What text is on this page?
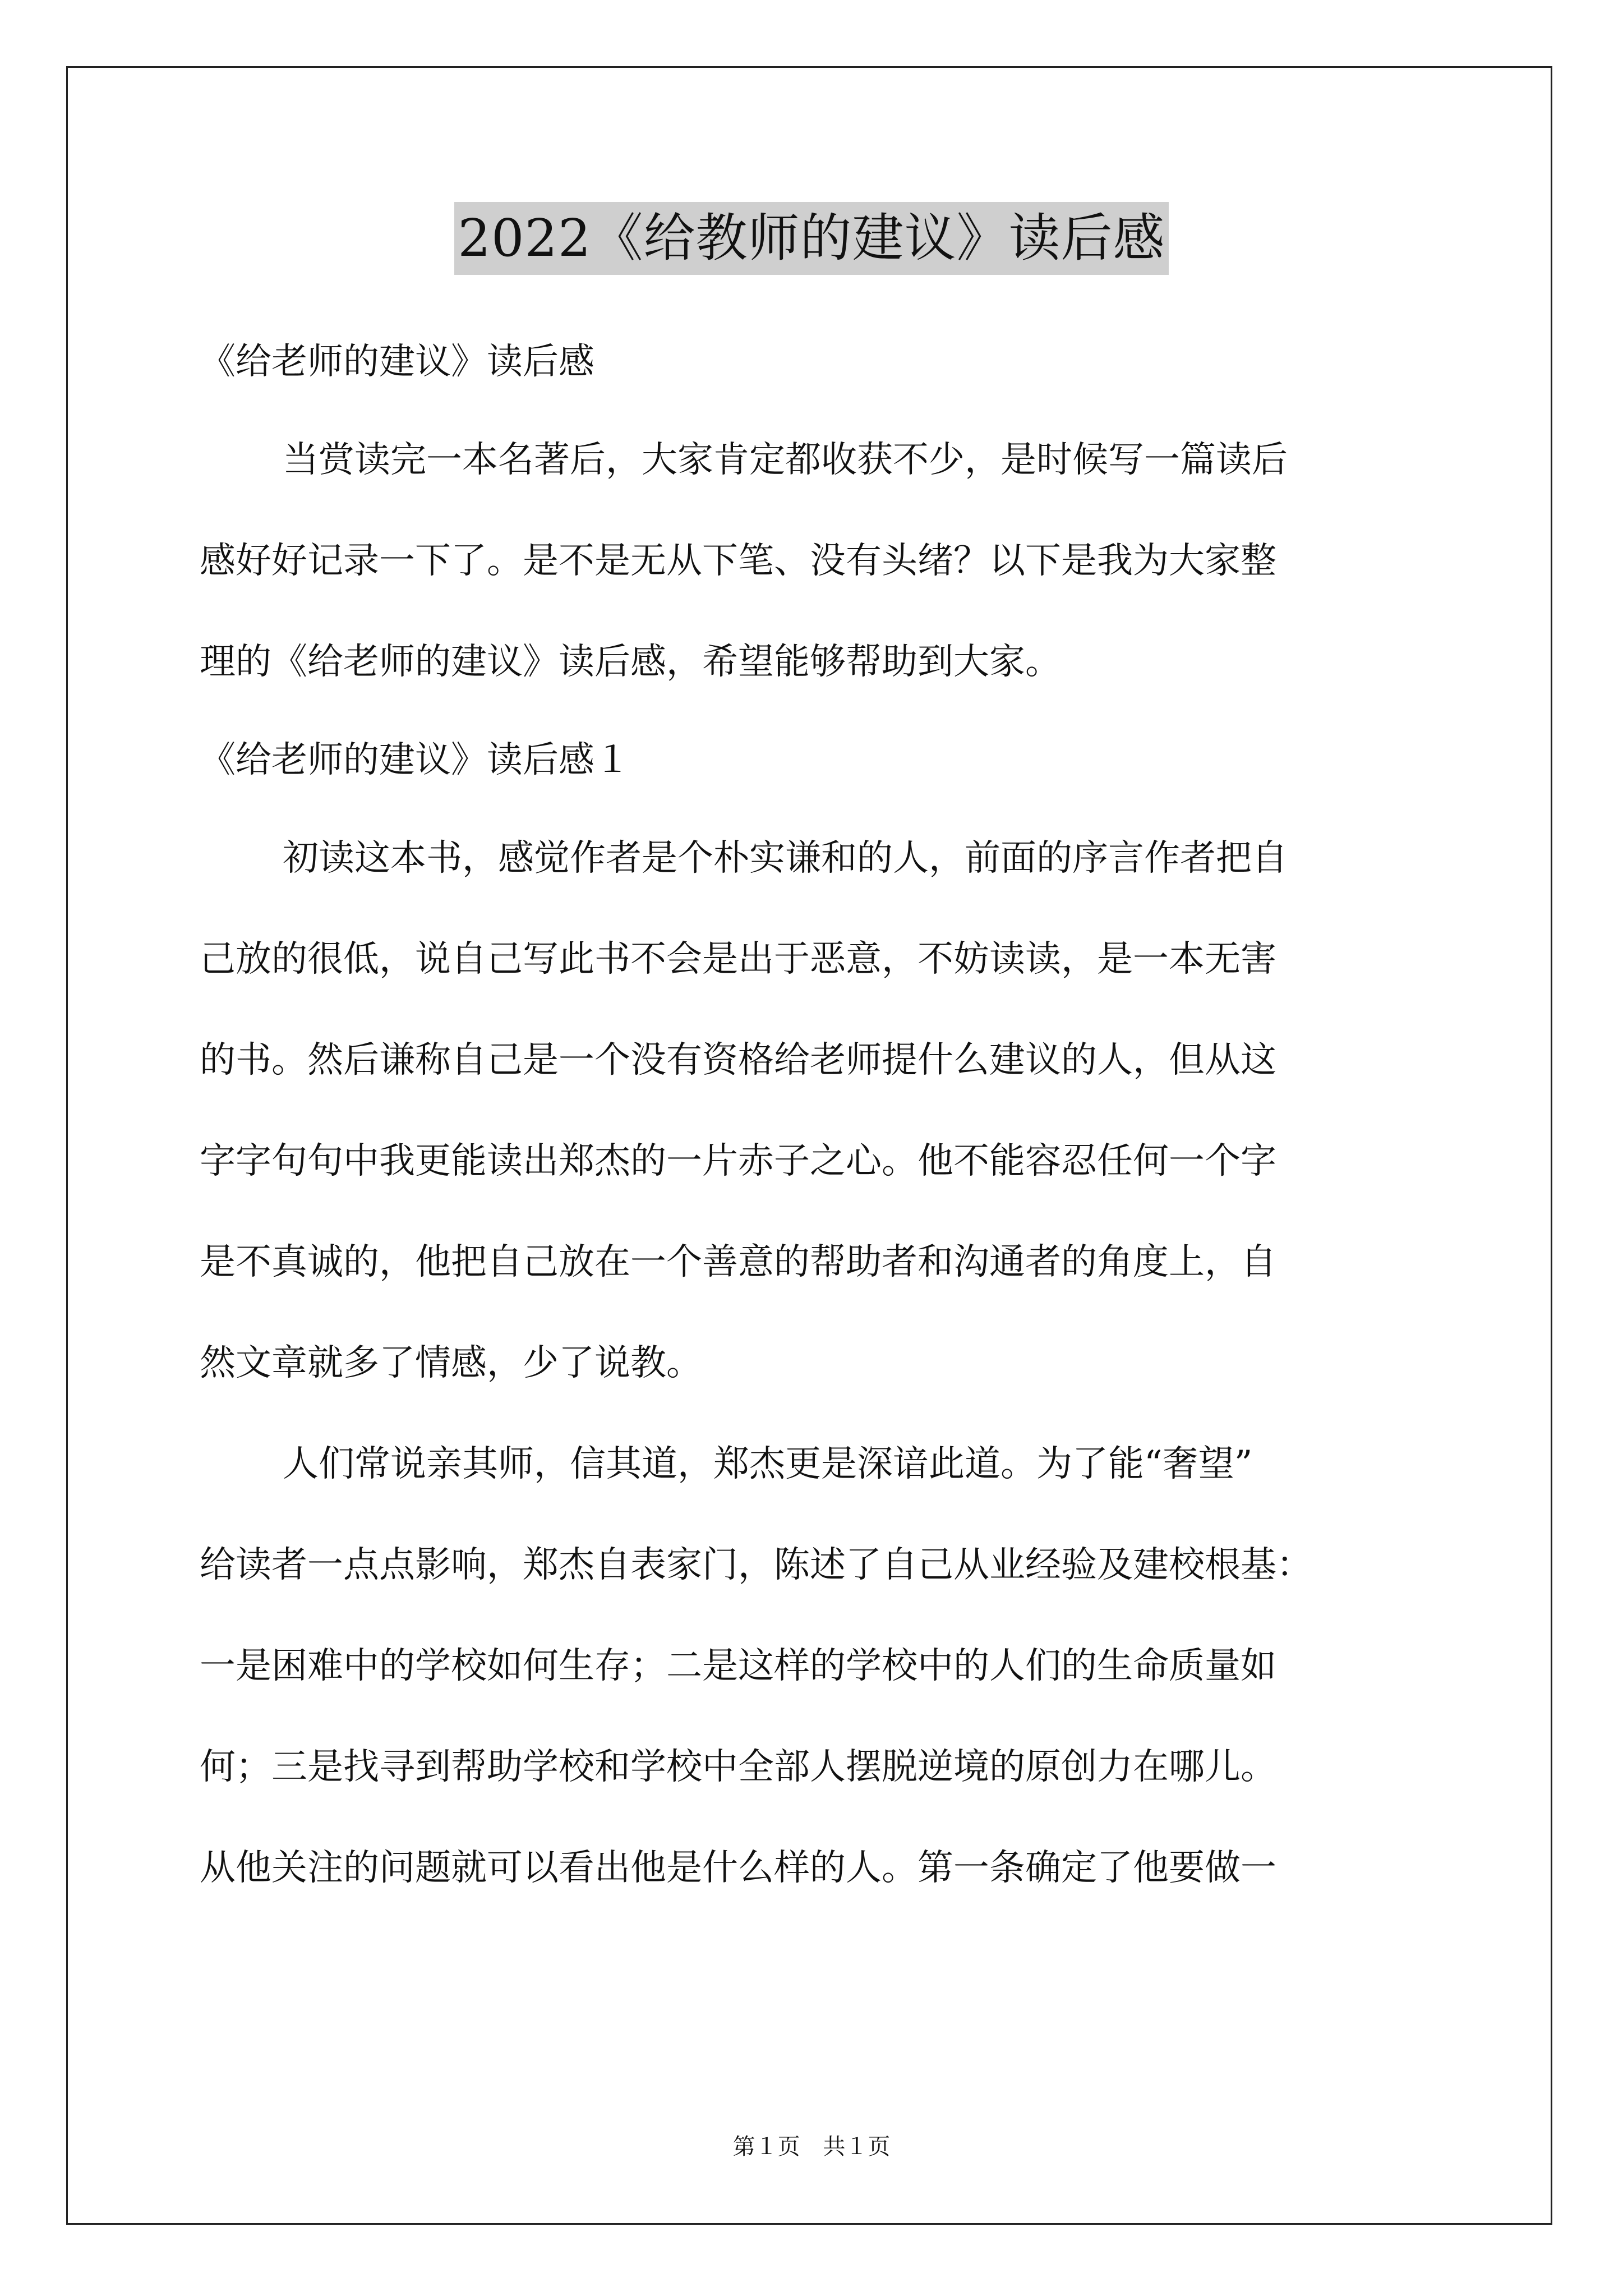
2022《给教师的建议》读后感
《给老师的建议》读后感
当赏读完一本名著后，大家肯定都收获不少，是时候写一篇读后
感好好记录一下了。是不是无从下笔、没有头绪？以下是我为大家整
理的《给老师的建议》读后感，希望能够帮助到大家。
《给老师的建议》读后感１
初读这本书，感觉作者是个朴实谦和的人，前面的序言作者把自
己放的很低，说自己写此书不会是出于恶意，不妨读读，是一本无害
的书。然后谦称自己是一个没有资格给老师提什么建议的人，但从这
字字句句中我更能读出郑杰的一片赤子之心。他不能容忍任何一个字
是不真诚的，他把自己放在一个善意的帮助者和沟通者的角度上，自
然文章就多了情感，少了说教。
人们常说亲其师，信其道，郑杰更是深谙此道。为了能“奢望”
给读者一点点影响，郑杰自表家门，陈述了自己从业经验及建校根基：
一是困难中的学校如何生存；二是这样的学校中的人们的生命质量如
何；三是找寻到帮助学校和学校中全部人摆脱逆境的原创力在哪儿。
从他关注的问题就可以看出他是什么样的人。第一条确定了他要做一
第１页 共１页
